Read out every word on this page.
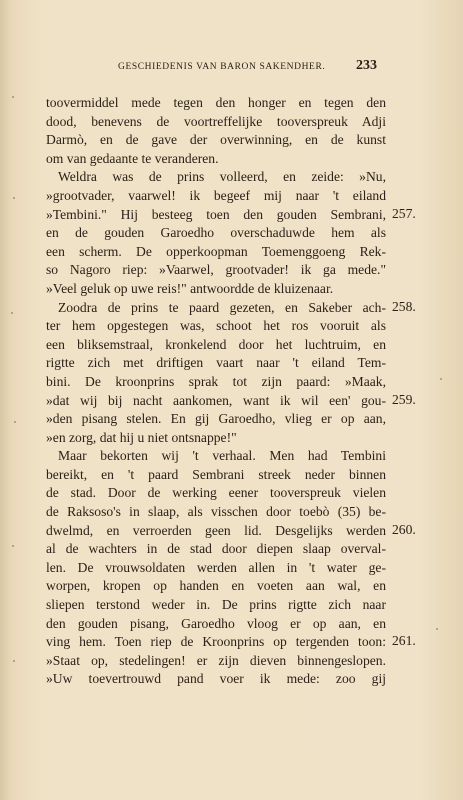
GESCHIEDENIS VAN BARON SAKENDHER. 233
toovermiddel mede tegen den honger en tegen den
dood, benevens de voortreffelijke tooverspreuk Adji
Darmò, en de gave der overwinning, en de kunst
om van gedaante te veranderen.
Weldra was de prins volleerd, en zeide: »Nu,
»grootvader, vaarwel! ik begeef mij naar 't eiland
»Tembini." Hij besteeg toen den gouden Sembrani,
en de gouden Garoedho overschaduwde hem als
een scherm. De opperkoopman Toemenggoeng Rek-
so Nagoro riep: »Vaarwel, grootvader! ik ga mede."
»Veel geluk op uwe reis!" antwoordde de kluizenaar.
Zoodra de prins te paard gezeten, en Sakeber ach-
ter hem opgestegen was, schoot het ros vooruit als
een bliksemstraal, kronkelend door het luchtruim, en
rigtte zich met driftigen vaart naar 't eiland Tem-
bini. De kroonprins sprak tot zijn paard: »Maak,
»dat wij bij nacht aankomen, want ik wil een' gou-
»den pisang stelen. En gij Garoedho, vlieg er op aan,
»en zorg, dat hij u niet ontsnappe!"
Maar bekorten wij 't verhaal. Men had Tembini
bereikt, en 't paard Sembrani streek neder binnen
de stad. Door de werking eener tooverspreuk vielen
de Raksoso's in slaap, als visschen door toebò (35) be-
dwelmd, en verroerden geen lid. Desgelijks werden
al de wachters in de stad door diepen slaap overval-
len. De vrouwsoldaten werden allen in 't water ge-
worpen, kropen op handen en voeten aan wal, en
sliepen terstond weder in. De prins rigtte zich naar
den gouden pisang, Garoedho vloog er op aan, en
ving hem. Toen riep de Kroonprins op tergenden toon:
»Staat op, stedelingen! er zijn dieven binnengeslopen.
»Uw toevertrouwd pand voer ik mede: zoo gij
257.
258.
259.
260.
261.
